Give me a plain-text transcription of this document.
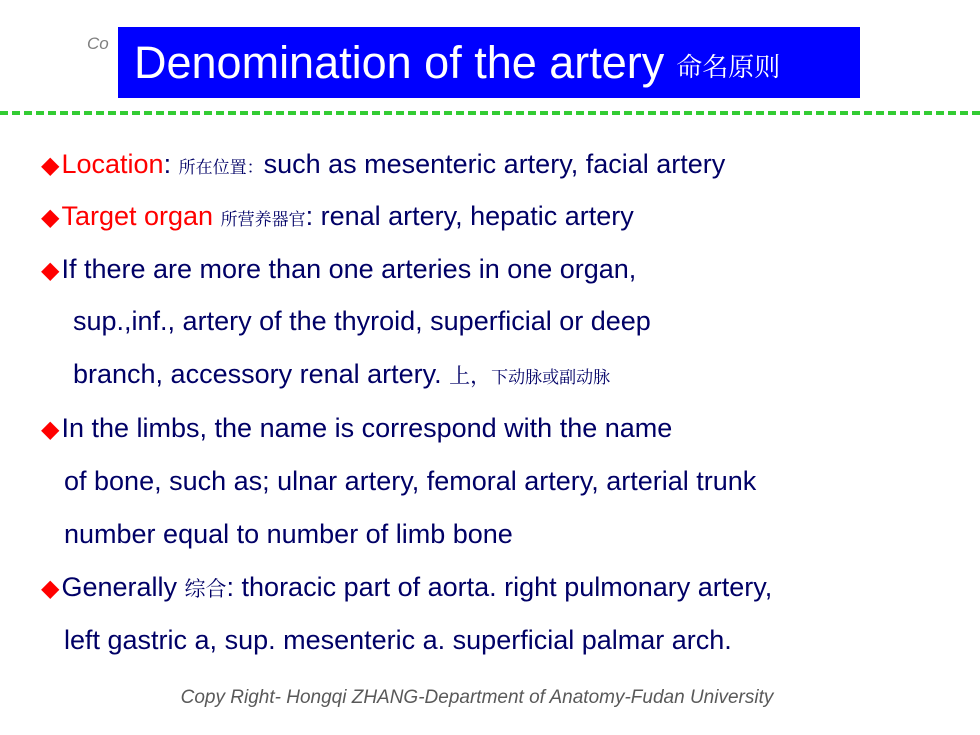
Co Denomination of the artery 命名原则
◆Location: 所在位置：such as mesenteric artery, facial artery
◆Target organ 所营养器官: renal artery, hepatic artery
◆If there are more than one arteries in one organ,
sup.,inf., artery of the thyroid, superficial or deep
branch, accessory renal artery. 上，下动脉或副动脉
◆In the limbs, the name is correspond with the name
of bone, such as; ulnar artery, femoral artery, arterial trunk
number equal to number of limb bone
◆Generally 综合: thoracic part of aorta. right pulmonary artery,
left gastric a, sup. mesenteric a. superficial palmar arch.
Copy Right- Hongqi ZHANG-Department of Anatomy-Fudan University
